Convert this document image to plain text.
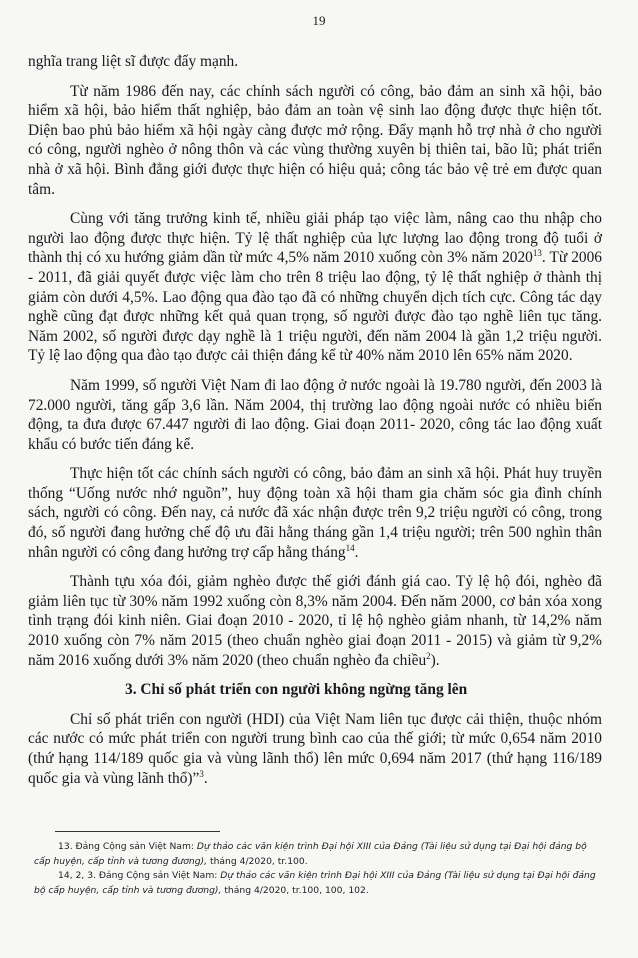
19

nghĩa trang liệt sĩ được đẩy mạnh.

Từ năm 1986 đến nay, các chính sách người có công, bảo đảm an sinh xã hội, bảo hiểm xã hội, bảo hiểm thất nghiệp, bảo đảm an toàn vệ sinh lao động được thực hiện tốt. Diện bao phủ bảo hiểm xã hội ngày càng được mở rộng. Đẩy mạnh hỗ trợ nhà ở cho người có công, người nghèo ở nông thôn và các vùng thường xuyên bị thiên tai, bão lũ; phát triển nhà ở xã hội. Bình đẳng giới được thực hiện có hiệu quả; công tác bảo vệ trẻ em được quan tâm.

Cùng với tăng trưởng kinh tế, nhiều giải pháp tạo việc làm, nâng cao thu nhập cho người lao động được thực hiện. Tỷ lệ thất nghiệp của lực lượng lao động trong độ tuổi ở thành thị có xu hướng giảm dần từ mức 4,5% năm 2010 xuống còn 3% năm 2020$^{13}$. Từ 2006 - 2011, đã giải quyết được việc làm cho trên 8 triệu lao động, tỷ lệ thất nghiệp ở thành thị giảm còn dưới 4,5%. Lao động qua đào tạo đã có những chuyển dịch tích cực. Công tác dạy nghề cũng đạt được những kết quả quan trọng, số người được đào tạo nghề liên tục tăng. Năm 2002, số người được dạy nghề là 1 triệu người, đến năm 2004 là gần 1,2 triệu người. Tỷ lệ lao động qua đào tạo được cải thiện đáng kể từ 40% năm 2010 lên 65% năm 2020.

Năm 1999, số người Việt Nam đi lao động ở nước ngoài là 19.780 người, đến 2003 là 72.000 người, tăng gấp 3,6 lần. Năm 2004, thị trường lao động ngoài nước có nhiều biến động, ta đưa được 67.447 người đi lao động. Giai đoạn 2011- 2020, công tác lao động xuất khẩu có bước tiến đáng kể.

Thực hiện tốt các chính sách người có công, bảo đảm an sinh xã hội. Phát huy truyền thống “Uống nước nhớ nguồn”, huy động toàn xã hội tham gia chăm sóc gia đình chính sách, người có công. Đến nay, cả nước đã xác nhận được trên 9,2 triệu người có công, trong đó, số người đang hưởng chế độ ưu đãi hằng tháng gần 1,4 triệu người; trên 500 nghìn thân nhân người có công đang hưởng trợ cấp hằng tháng$^{14}$.

Thành tựu xóa đói, giảm nghèo được thế giới đánh giá cao. Tỷ lệ hộ đói, nghèo đã giảm liên tục từ 30% năm 1992 xuống còn 8,3% năm 2004. Đến năm 2000, cơ bản xóa xong tình trạng đói kinh niên. Giai đoạn 2010 - 2020, tỉ lệ hộ nghèo giảm nhanh, từ 14,2% năm 2010 xuống còn 7% năm 2015 (theo chuẩn nghèo giai đoạn 2011 - 2015) và giảm từ 9,2% năm 2016 xuống dưới 3% năm 2020 (theo chuẩn nghèo đa chiều$^2$).

3. Chỉ số phát triển con người không ngừng tăng lên

Chỉ số phát triển con người (HDI) của Việt Nam liên tục được cải thiện, thuộc nhóm các nước có mức phát triển con người trung bình cao của thế giới; từ mức 0,654 năm 2010 (thứ hạng 114/189 quốc gia và vùng lãnh thổ) lên mức 0,694 năm 2017 (thứ hạng 116/189 quốc gia và vùng lãnh thổ)”$^3$.

13. Đảng Cộng sản Việt Nam: Dự thảo các văn kiện trình Đại hội XIII của Đảng (Tài liệu sử dụng tại Đại hội đảng bộ cấp huyện, cấp tỉnh và tương đương), tháng 4/2020, tr.100.

14, 2, 3. Đảng Cộng sản Việt Nam: Dự thảo các văn kiện trình Đại hội XIII của Đảng (Tài liệu sử dụng tại Đại hội đảng bộ cấp huyện, cấp tỉnh và tương đương), tháng 4/2020, tr.100, 100, 102.
